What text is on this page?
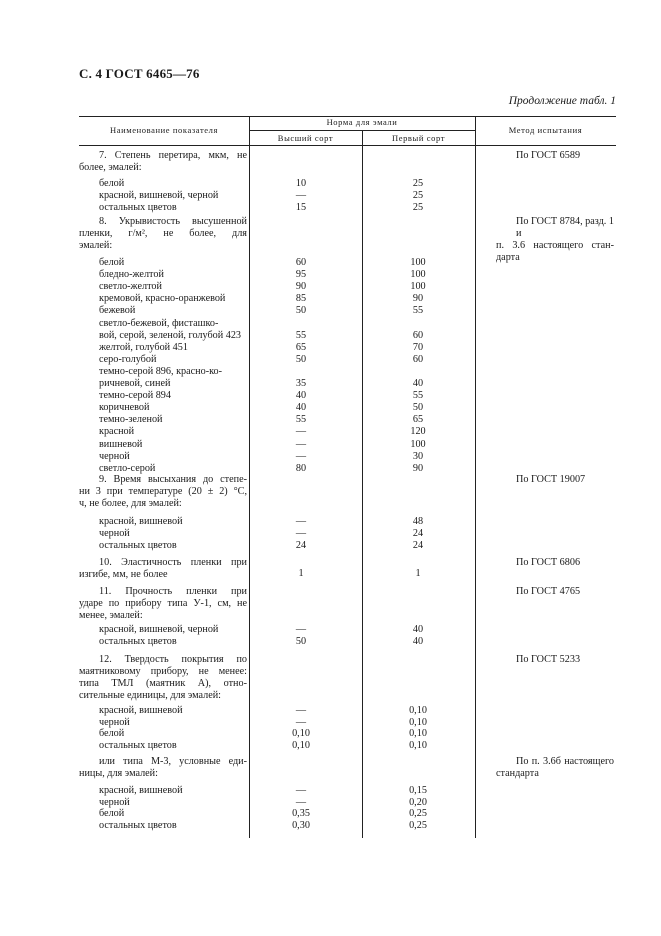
С. 4 ГОСТ 6465—76
Продолжение табл. 1
Наименование показателя
Норма для эмали
Высший сорт	Первый сорт
Метод испытания
7. Степень перетира, мкм, не
более, эмалей:
По ГОСТ 6589
белой	10	25
красной, вишневой, черной	—	25
остальных цветов	15	25
8. Укрывистость высушенной
пленки, г/м², не более, для
эмалей:
По ГОСТ 8784, разд. 1 и
п. 3.6 настоящего стан-
дарта
белой	60	100
бледно-желтой	95	100
светло-желтой	90	100
кремовой, красно-оранжевой	85	90
бежевой	50	55
светло-бежевой, фисташко-
вой, серой, зеленой, голубой 423	55	60
желтой, голубой 451	65	70
серо-голубой	50	60
темно-серой 896, красно-ко-
ричневой, синей	35	40
темно-серой 894	40	55
коричневой	40	50
темно-зеленой	55	65
красной	—	120
вишневой	—	100
черной	—	30
светло-серой	80	90
9. Время высыхания до степе-
ни 3 при температуре (20 ± 2) °С,
ч, не более, для эмалей:
По ГОСТ 19007
красной, вишневой	—	48
черной	—	24
остальных цветов	24	24
10. Эластичность пленки при
изгибе, мм, не более
По ГОСТ 6806
1	1
11. Прочность пленки при
ударе по прибору типа У-1, см, не
менее, эмалей:
По ГОСТ 4765
красной, вишневой, черной	—	40
остальных цветов	50	40
12. Твердость покрытия по
маятниковому прибору, не менее:
типа ТМЛ (маятник А), отно-
сительные единицы, для эмалей:
По ГОСТ 5233
красной, вишневой	—	0,10
черной	—	0,10
белой	0,10	0,10
остальных цветов	0,10	0,10
или типа М-3, условные еди-
ницы, для эмалей:
По п. 3.6б настоящего
стандарта
красной, вишневой	—	0,15
черной	—	0,20
белой	0,35	0,25
остальных цветов	0,30	0,25
